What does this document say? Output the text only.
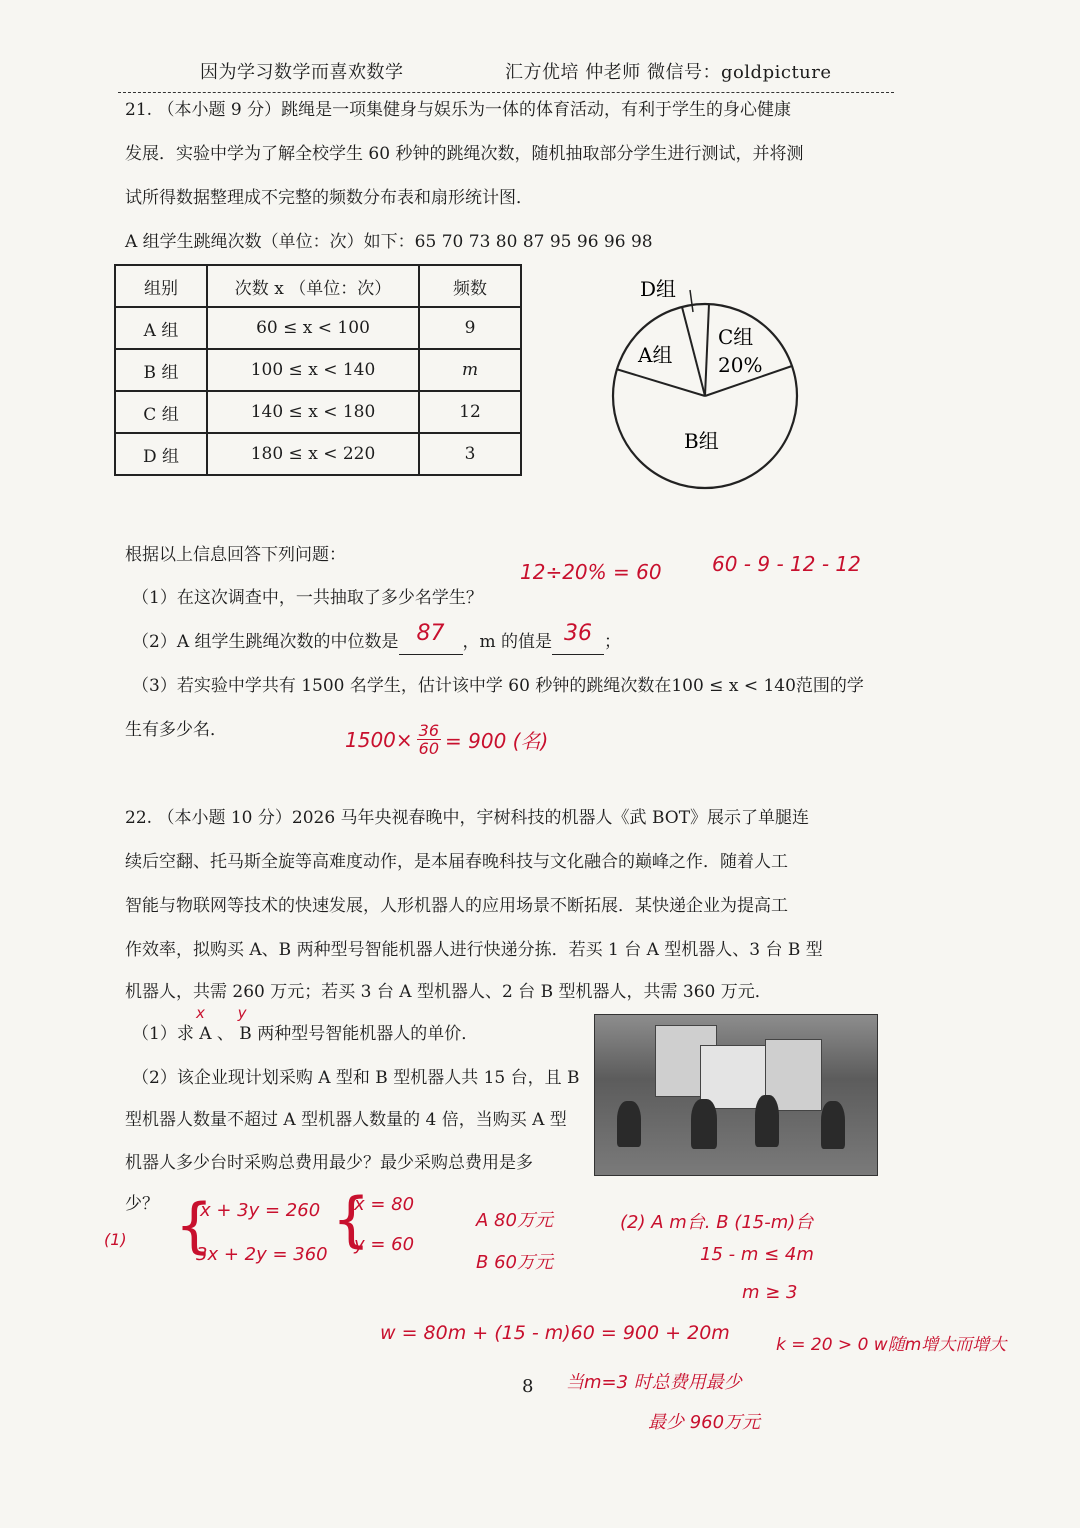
因为学习数学而喜欢数学	汇方优培 仲老师 微信号：goldpicture
21. （本小题 9 分）跳绳是一项集健身与娱乐为一体的体育活动，有利于学生的身心健康
发展．实验中学为了解全校学生 60 秒钟的跳绳次数，随机抽取部分学生进行测试，并将测
试所得数据整理成不完整的频数分布表和扇形统计图．
A 组学生跳绳次数（单位：次）如下：65 70 73 80 87 95 96 96 98
组别	次数 x （单位：次）	频数
A 组	60 ≤ x < 100	9
B 组	100 ≤ x < 140	m
C 组	140 ≤ x < 180	12
D 组	180 ≤ x < 220	3
D组
A组
C组
20%
B组
根据以上信息回答下列问题：
12÷20% = 60	60 - 9 - 12 - 12
（1）在这次调查中，一共抽取了多少名学生？
（2）A 组学生跳绳次数的中位数是 87	，m 的值是 36 ；
（3）若实验中学共有 1500 名学生，估计该中学 60 秒钟的跳绳次数在100 ≤ x < 140范围的学
生有多少名．	$1500\times \frac{36}{60} = 900$ (名)
22. （本小题 10 分）2026 马年央视春晚中，宇树科技的机器人《武 BOT》展示了单腿连
续后空翻、托马斯全旋等高难度动作，是本届春晚科技与文化融合的巅峰之作．随着人工
智能与物联网等技术的快速发展，人形机器人的应用场景不断拓展．某快递企业为提高工
作效率，拟购买 A、B 两种型号智能机器人进行快递分拣．若买 1 台 A 型机器人、3 台 B 型
机器人，共需 260 万元；若买 3 台 A 型机器人、2 台 B 型机器人，共需 360 万元．
x y
（1）求 A 、 B 两种型号智能机器人的单价．
（2）该企业现计划采购 A 型和 B 型机器人共 15 台，且 B
型机器人数量不超过 A 型机器人数量的 4 倍，当购买 A 型
机器人多少台时采购总费用最少？最少采购总费用是多
少？
(1) {
x + 3y = 260
3x + 2y = 360 {
x = 80
y = 60
A 80万元
B 60万元
(2) A m台. B (15-m)台
15 - m ≤ 4m
m ≥ 3
w = 80m + (15 - m)60 = 900 + 20m
k = 20 > 0 w随m增大而增大
当m=3 时总费用最少
最少 960万元
8
